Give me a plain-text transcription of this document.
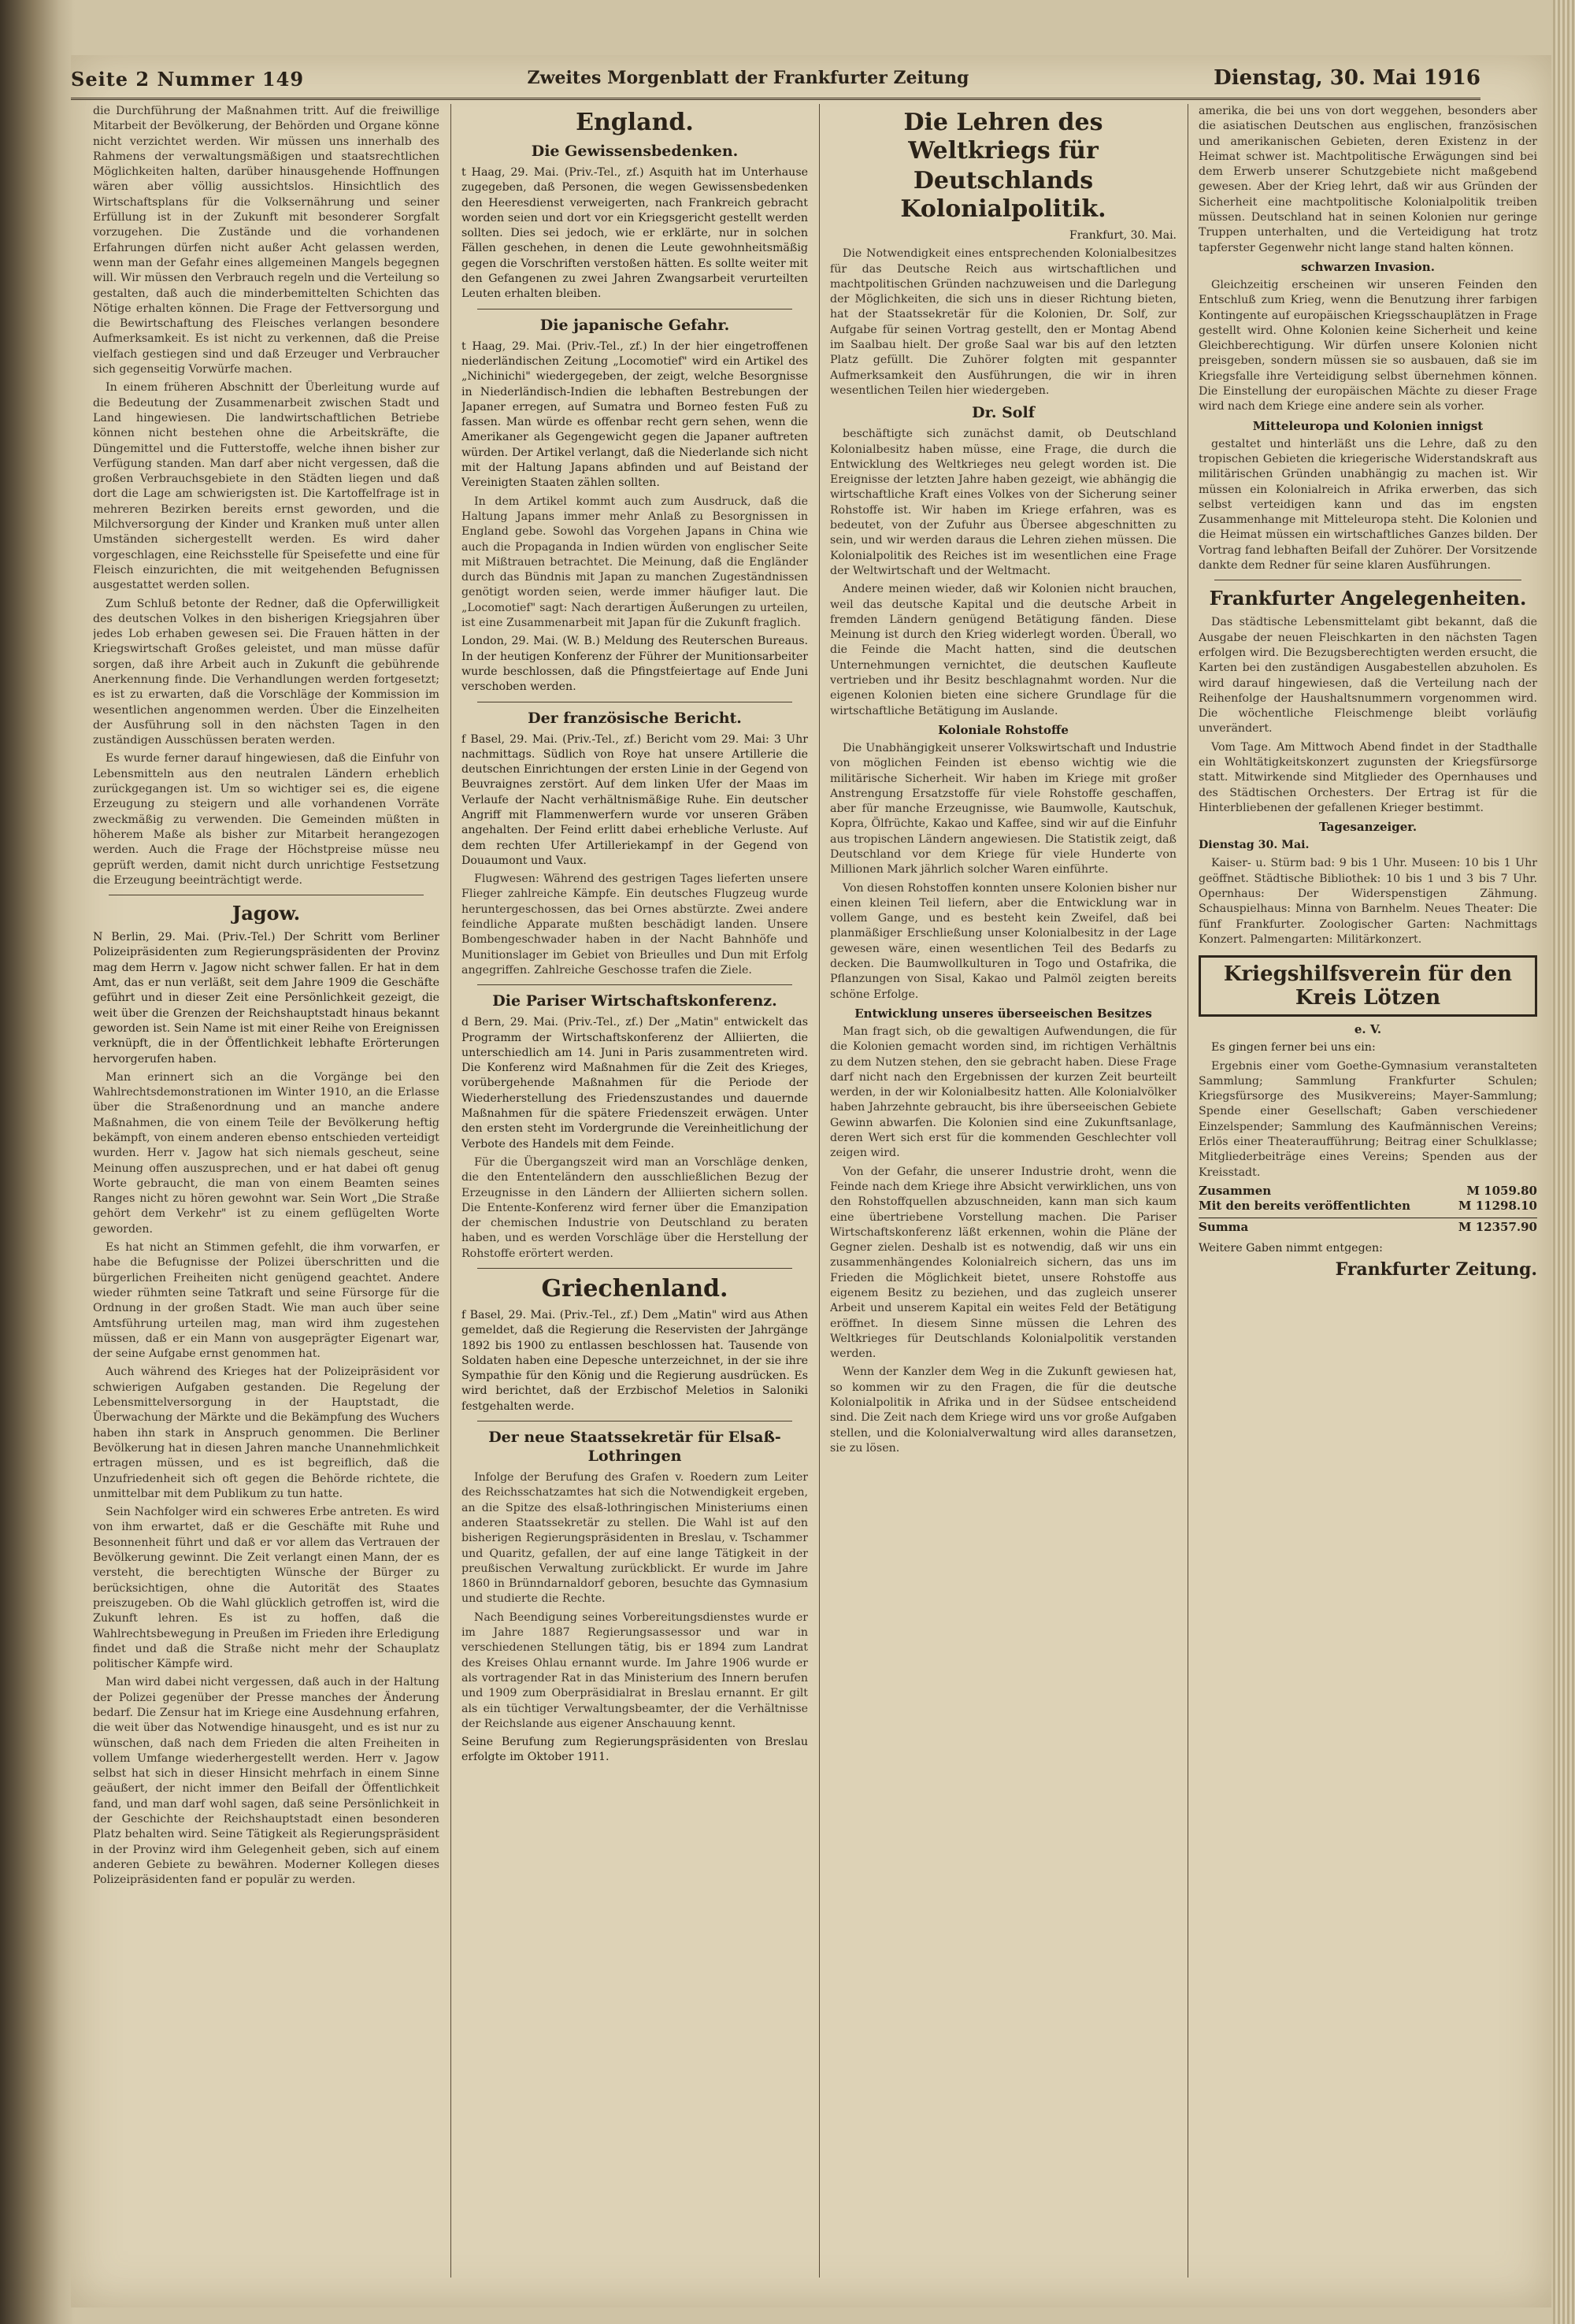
Seite 2 Nummer 149	Zweites Morgenblatt der Frankfurter Zeitung	Dienstag, 30. Mai 1916

die Durchführung der Maßnahmen tritt. Auf die freiwillige Mitarbeit der Bevölkerung, der Behörden und Organe könne nicht verzichtet werden. Wir müssen uns innerhalb des Rahmens der verwaltungsmäßigen und staatsrechtlichen Möglichkeiten halten, darüber hinausgehende Hoffnungen wären aber völlig aussichtslos. Hinsichtlich des Wirtschaftsplans für die Volksernährung und seiner Erfüllung ist in der Zukunft mit besonderer Sorgfalt vorzugehen. Die Zustände und die vorhandenen Erfahrungen dürfen nicht außer Acht gelassen werden, wenn man der Gefahr eines allgemeinen Mangels begegnen will. Wir müssen den Verbrauch regeln und die Verteilung so gestalten, daß auch die minderbemittelten Schichten das Nötige erhalten können. Die Frage der Fettversorgung und die Bewirtschaftung des Fleisches verlangen besondere Aufmerksamkeit. Es ist nicht zu verkennen, daß die Preise vielfach gestiegen sind und daß Erzeuger und Verbraucher sich gegenseitig Vorwürfe machen.

In einem früheren Abschnitt der Überleitung wurde auf die Bedeutung der Zusammenarbeit zwischen Stadt und Land hingewiesen. Die landwirtschaftlichen Betriebe können nicht bestehen ohne die Arbeitskräfte, die Düngemittel und die Futterstoffe, welche ihnen bisher zur Verfügung standen. Man darf aber nicht vergessen, daß die großen Verbrauchsgebiete in den Städten liegen und daß dort die Lage am schwierigsten ist. Die Kartoffelfrage ist in mehreren Bezirken bereits ernst geworden, und die Milchversorgung der Kinder und Kranken muß unter allen Umständen sichergestellt werden. Es wird daher vorgeschlagen, eine Reichsstelle für Speisefette und eine für Fleisch einzurichten, die mit weitgehenden Befugnissen ausgestattet werden sollen.

Zum Schluß betonte der Redner, daß die Opferwilligkeit des deutschen Volkes in den bisherigen Kriegsjahren über jedes Lob erhaben gewesen sei. Die Frauen hätten in der Kriegswirtschaft Großes geleistet, und man müsse dafür sorgen, daß ihre Arbeit auch in Zukunft die gebührende Anerkennung finde. Die Verhandlungen werden fortgesetzt; es ist zu erwarten, daß die Vorschläge der Kommission im wesentlichen angenommen werden. Über die Einzelheiten der Ausführung soll in den nächsten Tagen in den zuständigen Ausschüssen beraten werden.

Es wurde ferner darauf hingewiesen, daß die Einfuhr von Lebensmitteln aus den neutralen Ländern erheblich zurückgegangen ist. Um so wichtiger sei es, die eigene Erzeugung zu steigern und alle vorhandenen Vorräte zweckmäßig zu verwenden. Die Gemeinden müßten in höherem Maße als bisher zur Mitarbeit herangezogen werden. Auch die Frage der Höchstpreise müsse neu geprüft werden, damit nicht durch unrichtige Festsetzung die Erzeugung beeinträchtigt werde.

Jagow.

N Berlin, 29. Mai. (Priv.-Tel.) Der Schritt vom Berliner Polizeipräsidenten zum Regierungspräsidenten der Provinz mag dem Herrn v. Jagow nicht schwer fallen. Er hat in dem Amt, das er nun verläßt, seit dem Jahre 1909 die Geschäfte geführt und in dieser Zeit eine Persönlichkeit gezeigt, die weit über die Grenzen der Reichshauptstadt hinaus bekannt geworden ist. Sein Name ist mit einer Reihe von Ereignissen verknüpft, die in der Öffentlichkeit lebhafte Erörterungen hervorgerufen haben.

Man erinnert sich an die Vorgänge bei den Wahlrechtsdemonstrationen im Winter 1910, an die Erlasse über die Straßenordnung und an manche andere Maßnahmen, die von einem Teile der Bevölkerung heftig bekämpft, von einem anderen ebenso entschieden verteidigt wurden. Herr v. Jagow hat sich niemals gescheut, seine Meinung offen auszusprechen, und er hat dabei oft genug Worte gebraucht, die man von einem Beamten seines Ranges nicht zu hören gewohnt war. Sein Wort „Die Straße gehört dem Verkehr" ist zu einem geflügelten Worte geworden.

Es hat nicht an Stimmen gefehlt, die ihm vorwarfen, er habe die Befugnisse der Polizei überschritten und die bürgerlichen Freiheiten nicht genügend geachtet. Andere wieder rühmten seine Tatkraft und seine Fürsorge für die Ordnung in der großen Stadt. Wie man auch über seine Amtsführung urteilen mag, man wird ihm zugestehen müssen, daß er ein Mann von ausgeprägter Eigenart war, der seine Aufgabe ernst genommen hat.

Auch während des Krieges hat der Polizeipräsident vor schwierigen Aufgaben gestanden. Die Regelung der Lebensmittelversorgung in der Hauptstadt, die Überwachung der Märkte und die Bekämpfung des Wuchers haben ihn stark in Anspruch genommen. Die Berliner Bevölkerung hat in diesen Jahren manche Unannehmlichkeit ertragen müssen, und es ist begreiflich, daß die Unzufriedenheit sich oft gegen die Behörde richtete, die unmittelbar mit dem Publikum zu tun hatte.

Sein Nachfolger wird ein schweres Erbe antreten. Es wird von ihm erwartet, daß er die Geschäfte mit Ruhe und Besonnenheit führt und daß er vor allem das Vertrauen der Bevölkerung gewinnt. Die Zeit verlangt einen Mann, der es versteht, die berechtigten Wünsche der Bürger zu berücksichtigen, ohne die Autorität des Staates preiszugeben. Ob die Wahl glücklich getroffen ist, wird die Zukunft lehren. Es ist zu hoffen, daß die Wahlrechtsbewegung in Preußen im Frieden ihre Erledigung findet und daß die Straße nicht mehr der Schauplatz politischer Kämpfe wird.

Man wird dabei nicht vergessen, daß auch in der Haltung der Polizei gegenüber der Presse manches der Änderung bedarf. Die Zensur hat im Kriege eine Ausdehnung erfahren, die weit über das Notwendige hinausgeht, und es ist nur zu wünschen, daß nach dem Frieden die alten Freiheiten in vollem Umfange wiederhergestellt werden. Herr v. Jagow selbst hat sich in dieser Hinsicht mehrfach in einem Sinne geäußert, der nicht immer den Beifall der Öffentlichkeit fand, und man darf wohl sagen, daß seine Persönlichkeit in der Geschichte der Reichshauptstadt einen besonderen Platz behalten wird. Seine Tätigkeit als Regierungspräsident in der Provinz wird ihm Gelegenheit geben, sich auf einem anderen Gebiete zu bewähren. Moderner Kollegen dieses Polizeipräsidenten fand er populär zu werden.

England.
Die Gewissensbedenken.

t Haag, 29. Mai. (Priv.-Tel., zf.) Asquith hat im Unterhause zugegeben, daß Personen, die wegen Gewissensbedenken den Heeresdienst verweigerten, nach Frankreich gebracht worden seien und dort vor ein Kriegsgericht gestellt werden sollten. Dies sei jedoch, wie er erklärte, nur in solchen Fällen geschehen, in denen die Leute gewohnheitsmäßig gegen die Vorschriften verstoßen hätten. Es sollte weiter mit den Gefangenen zu zwei Jahren Zwangsarbeit verurteilten Leuten erhalten bleiben.

Die japanische Gefahr.

t Haag, 29. Mai. (Priv.-Tel., zf.) In der hier eingetroffenen niederländischen Zeitung „Locomotief" wird ein Artikel des „Nichinichi" wiedergegeben, der zeigt, welche Besorgnisse in Niederländisch-Indien die lebhaften Bestrebungen der Japaner erregen, auf Sumatra und Borneo festen Fuß zu fassen. Man würde es offenbar recht gern sehen, wenn die Amerikaner als Gegengewicht gegen die Japaner auftreten würden. Der Artikel verlangt, daß die Niederlande sich nicht mit der Haltung Japans abfinden und auf Beistand der Vereinigten Staaten zählen sollten.

In dem Artikel kommt auch zum Ausdruck, daß die Haltung Japans immer mehr Anlaß zu Besorgnissen in England gebe. Sowohl das Vorgehen Japans in China wie auch die Propaganda in Indien würden von englischer Seite mit Mißtrauen betrachtet. Die Meinung, daß die Engländer durch das Bündnis mit Japan zu manchen Zugeständnissen genötigt worden seien, werde immer häufiger laut. Die „Locomotief" sagt: Nach derartigen Äußerungen zu urteilen, ist eine Zusammenarbeit mit Japan für die Zukunft fraglich.

London, 29. Mai. (W. B.) Meldung des Reuterschen Bureaus. In der heutigen Konferenz der Führer der Munitionsarbeiter wurde beschlossen, daß die Pfingstfeiertage auf Ende Juni verschoben werden.

Der französische Bericht.

f Basel, 29. Mai. (Priv.-Tel., zf.) Bericht vom 29. Mai: 3 Uhr nachmittags. Südlich von Roye hat unsere Artillerie die deutschen Einrichtungen der ersten Linie in der Gegend von Beuvraignes zerstört. Auf dem linken Ufer der Maas im Verlaufe der Nacht verhältnismäßige Ruhe. Ein deutscher Angriff mit Flammenwerfern wurde vor unseren Gräben angehalten. Der Feind erlitt dabei erhebliche Verluste. Auf dem rechten Ufer Artilleriekampf in der Gegend von Douaumont und Vaux.

Flugwesen: Während des gestrigen Tages lieferten unsere Flieger zahlreiche Kämpfe. Ein deutsches Flugzeug wurde heruntergeschossen, das bei Ornes abstürzte. Zwei andere feindliche Apparate mußten beschädigt landen. Unsere Bombengeschwader haben in der Nacht Bahnhöfe und Munitionslager im Gebiet von Brieulles und Dun mit Erfolg angegriffen. Zahlreiche Geschosse trafen die Ziele.

Die Pariser Wirtschaftskonferenz.

d Bern, 29. Mai. (Priv.-Tel., zf.) Der „Matin" entwickelt das Programm der Wirtschaftskonferenz der Alliierten, die unterschiedlich am 14. Juni in Paris zusammentreten wird. Die Konferenz wird Maßnahmen für die Zeit des Krieges, vorübergehende Maßnahmen für die Periode der Wiederherstellung des Friedenszustandes und dauernde Maßnahmen für die spätere Friedenszeit erwägen. Unter den ersten steht im Vordergrunde die Vereinheitlichung der Verbote des Handels mit dem Feinde.

Für die Übergangszeit wird man an Vorschläge denken, die den Ententeländern den ausschließlichen Bezug der Erzeugnisse in den Ländern der Alliierten sichern sollen. Die Entente-Konferenz wird ferner über die Emanzipation der chemischen Industrie von Deutschland zu beraten haben, und es werden Vorschläge über die Herstellung der Rohstoffe erörtert werden.

Griechenland.

f Basel, 29. Mai. (Priv.-Tel., zf.) Dem „Matin" wird aus Athen gemeldet, daß die Regierung die Reservisten der Jahrgänge 1892 bis 1900 zu entlassen beschlossen hat. Tausende von Soldaten haben eine Depesche unterzeichnet, in der sie ihre Sympathie für den König und die Regierung ausdrücken. Es wird berichtet, daß der Erzbischof Meletios in Saloniki festgehalten werde.

Der neue Staatssekretär für Elsaß-Lothringen

Infolge der Berufung des Grafen v. Roedern zum Leiter des Reichsschatzamtes hat sich die Notwendigkeit ergeben, an die Spitze des elsaß-lothringischen Ministeriums einen anderen Staatssekretär zu stellen. Die Wahl ist auf den bisherigen Regierungspräsidenten in Breslau, v. Tschammer und Quaritz, gefallen, der auf eine lange Tätigkeit in der preußischen Verwaltung zurückblickt. Er wurde im Jahre 1860 in Brünndarnaldorf geboren, besuchte das Gymnasium und studierte die Rechte.

Nach Beendigung seines Vorbereitungsdienstes wurde er im Jahre 1887 Regierungsassessor und war in verschiedenen Stellungen tätig, bis er 1894 zum Landrat des Kreises Ohlau ernannt wurde. Im Jahre 1906 wurde er als vortragender Rat in das Ministerium des Innern berufen und 1909 zum Oberpräsidialrat in Breslau ernannt. Er gilt als ein tüchtiger Verwaltungsbeamter, der die Verhältnisse der Reichslande aus eigener Anschauung kennt.

Seine Berufung zum Regierungspräsidenten von Breslau erfolgte im Oktober 1911.

Die Lehren des Weltkriegs für
Deutschlands Kolonialpolitik.
Frankfurt, 30. Mai.

Die Notwendigkeit eines entsprechenden Kolonialbesitzes für das Deutsche Reich aus wirtschaftlichen und machtpolitischen Gründen nachzuweisen und die Darlegung der Möglichkeiten, die sich uns in dieser Richtung bieten, hat der Staatssekretär für die Kolonien, Dr. Solf, zur Aufgabe für seinen Vortrag gestellt, den er Montag Abend im Saalbau hielt. Der große Saal war bis auf den letzten Platz gefüllt. Die Zuhörer folgten mit gespannter Aufmerksamkeit den Ausführungen, die wir in ihren wesentlichen Teilen hier wiedergeben.

Dr. Solf

beschäftigte sich zunächst damit, ob Deutschland Kolonialbesitz haben müsse, eine Frage, die durch die Entwicklung des Weltkrieges neu gelegt worden ist. Die Ereignisse der letzten Jahre haben gezeigt, wie abhängig die wirtschaftliche Kraft eines Volkes von der Sicherung seiner Rohstoffe ist. Wir haben im Kriege erfahren, was es bedeutet, von der Zufuhr aus Übersee abgeschnitten zu sein, und wir werden daraus die Lehren ziehen müssen. Die Kolonialpolitik des Reiches ist im wesentlichen eine Frage der Weltwirtschaft und der Weltmacht.

Andere meinen wieder, daß wir Kolonien nicht brauchen, weil das deutsche Kapital und die deutsche Arbeit in fremden Ländern genügend Betätigung fänden. Diese Meinung ist durch den Krieg widerlegt worden. Überall, wo die Feinde die Macht hatten, sind die deutschen Unternehmungen vernichtet, die deutschen Kaufleute vertrieben und ihr Besitz beschlagnahmt worden. Nur die eigenen Kolonien bieten eine sichere Grundlage für die wirtschaftliche Betätigung im Auslande.

Koloniale Rohstoffe

Die Unabhängigkeit unserer Volkswirtschaft und Industrie von möglichen Feinden ist ebenso wichtig wie die militärische Sicherheit. Wir haben im Kriege mit großer Anstrengung Ersatzstoffe für viele Rohstoffe geschaffen, aber für manche Erzeugnisse, wie Baumwolle, Kautschuk, Kopra, Ölfrüchte, Kakao und Kaffee, sind wir auf die Einfuhr aus tropischen Ländern angewiesen. Die Statistik zeigt, daß Deutschland vor dem Kriege für viele Hunderte von Millionen Mark jährlich solcher Waren einführte.

Von diesen Rohstoffen konnten unsere Kolonien bisher nur einen kleinen Teil liefern, aber die Entwicklung war in vollem Gange, und es besteht kein Zweifel, daß bei planmäßiger Erschließung unser Kolonialbesitz in der Lage gewesen wäre, einen wesentlichen Teil des Bedarfs zu decken. Die Baumwollkulturen in Togo und Ostafrika, die Pflanzungen von Sisal, Kakao und Palmöl zeigten bereits schöne Erfolge.

Entwicklung unseres überseeischen Besitzes

Man fragt sich, ob die gewaltigen Aufwendungen, die für die Kolonien gemacht worden sind, im richtigen Verhältnis zu dem Nutzen stehen, den sie gebracht haben. Diese Frage darf nicht nach den Ergebnissen der kurzen Zeit beurteilt werden, in der wir Kolonialbesitz hatten. Alle Kolonialvölker haben Jahrzehnte gebraucht, bis ihre überseeischen Gebiete Gewinn abwarfen. Die Kolonien sind eine Zukunftsanlage, deren Wert sich erst für die kommenden Geschlechter voll zeigen wird.

Von der Gefahr, die unserer Industrie droht, wenn die Feinde nach dem Kriege ihre Absicht verwirklichen, uns von den Rohstoffquellen abzuschneiden, kann man sich kaum eine übertriebene Vorstellung machen. Die Pariser Wirtschaftskonferenz läßt erkennen, wohin die Pläne der Gegner zielen. Deshalb ist es notwendig, daß wir uns ein zusammenhängendes Kolonialreich sichern, das uns im Frieden die Möglichkeit bietet, unsere Rohstoffe aus eigenem Besitz zu beziehen, und das zugleich unserer Arbeit und unserem Kapital ein weites Feld der Betätigung eröffnet. In diesem Sinne müssen die Lehren des Weltkrieges für Deutschlands Kolonialpolitik verstanden werden.

Wenn der Kanzler dem Weg in die Zukunft gewiesen hat, so kommen wir zu den Fragen, die für die deutsche Kolonialpolitik in Afrika und in der Südsee entscheidend sind. Die Zeit nach dem Kriege wird uns vor große Aufgaben stellen, und die Kolonialverwaltung wird alles daransetzen, sie zu lösen.

amerika, die bei uns von dort weggehen, besonders aber die asiatischen Deutschen aus englischen, französischen und amerikanischen Gebieten, deren Existenz in der Heimat schwer ist. Machtpolitische Erwägungen sind bei dem Erwerb unserer Schutzgebiete nicht maßgebend gewesen. Aber der Krieg lehrt, daß wir aus Gründen der Sicherheit eine machtpolitische Kolonialpolitik treiben müssen. Deutschland hat in seinen Kolonien nur geringe Truppen unterhalten, und die Verteidigung hat trotz tapferster Gegenwehr nicht lange stand halten können.

schwarzen Invasion.

Gleichzeitig erscheinen wir unseren Feinden den Entschluß zum Krieg, wenn die Benutzung ihrer farbigen Kontingente auf europäischen Kriegsschauplätzen in Frage gestellt wird. Ohne Kolonien keine Sicherheit und keine Gleichberechtigung. Wir dürfen unsere Kolonien nicht preisgeben, sondern müssen sie so ausbauen, daß sie im Kriegsfalle ihre Verteidigung selbst übernehmen können. Die Einstellung der europäischen Mächte zu dieser Frage wird nach dem Kriege eine andere sein als vorher.

Mitteleuropa und Kolonien innigst

gestaltet und hinterläßt uns die Lehre, daß zu den tropischen Gebieten die kriegerische Widerstandskraft aus militärischen Gründen unabhängig zu machen ist. Wir müssen ein Kolonialreich in Afrika erwerben, das sich selbst verteidigen kann und das im engsten Zusammenhange mit Mitteleuropa steht. Die Kolonien und die Heimat müssen ein wirtschaftliches Ganzes bilden. Der Vortrag fand lebhaften Beifall der Zuhörer. Der Vorsitzende dankte dem Redner für seine klaren Ausführungen.

Frankfurter Angelegenheiten.

Das städtische Lebensmittelamt gibt bekannt, daß die Ausgabe der neuen Fleischkarten in den nächsten Tagen erfolgen wird. Die Bezugsberechtigten werden ersucht, die Karten bei den zuständigen Ausgabestellen abzuholen. Es wird darauf hingewiesen, daß die Verteilung nach der Reihenfolge der Haushaltsnummern vorgenommen wird. Die wöchentliche Fleischmenge bleibt vorläufig unverändert.

Vom Tage. Am Mittwoch Abend findet in der Stadthalle ein Wohltätigkeitskonzert zugunsten der Kriegsfürsorge statt. Mitwirkende sind Mitglieder des Opernhauses und des Städtischen Orchesters. Der Ertrag ist für die Hinterbliebenen der gefallenen Krieger bestimmt.

Tagesanzeiger.

Dienstag 30. Mai.

Kaiser- u. Stürm bad: 9 bis 1 Uhr. Museen: 10 bis 1 Uhr geöffnet. Städtische Bibliothek: 10 bis 1 und 3 bis 7 Uhr. Opernhaus: Der Widerspenstigen Zähmung. Schauspielhaus: Minna von Barnhelm. Neues Theater: Die fünf Frankfurter. Zoologischer Garten: Nachmittags Konzert. Palmengarten: Militärkonzert.

Kriegshilfsverein für den Kreis Lötzen
e. V.

Es gingen ferner bei uns ein:

Ergebnis einer vom Goethe-Gymnasium veranstalteten Sammlung; Sammlung Frankfurter Schulen; Kriegsfürsorge des Musikvereins; Mayer-Sammlung; Spende einer Gesellschaft; Gaben verschiedener Einzelspender; Sammlung des Kaufmännischen Vereins; Erlös einer Theateraufführung; Beitrag einer Schulklasse; Mitgliederbeiträge eines Vereins; Spenden aus der Kreisstadt.

Zusammen	M 1059.80
Mit den bereits veröffentlichten	M 11298.10
Summa	M 12357.90

Weitere Gaben nimmt entgegen:

Frankfurter Zeitung.
